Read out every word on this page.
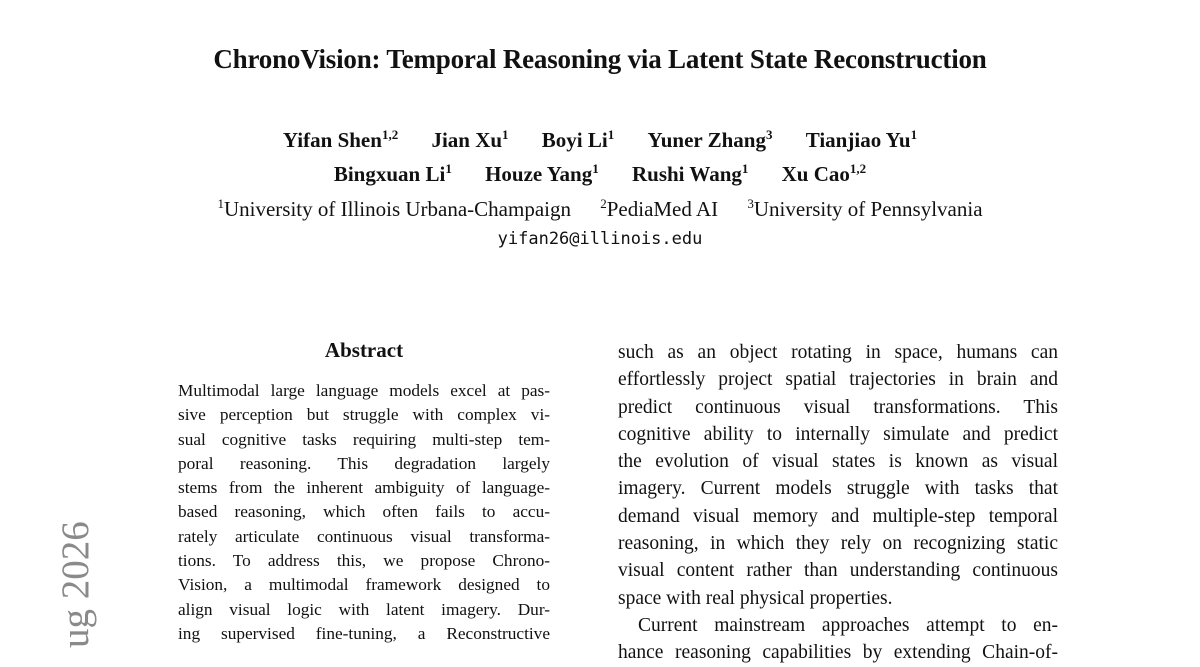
ChronoVision: Temporal Reasoning via Latent State Reconstruction
Yifan Shen$^{1,2}$ Jian Xu$^1$ Boyi Li$^1$ Yuner Zhang$^3$ Tianjiao Yu$^1$
Bingxuan Li$^1$ Houze Yang$^1$ Rushi Wang$^1$ Xu Cao$^{1,2}$
$^1$University of Illinois Urbana-Champaign $^2$PediaMed AI $^3$University of Pennsylvania
yifan26@illinois.edu
Abstract
Multimodal large language models excel at pas-
sive perception but struggle with complex vi-
sual cognitive tasks requiring multi-step tem-
poral reasoning. This degradation largely
stems from the inherent ambiguity of language-
based reasoning, which often fails to accu-
rately articulate continuous visual transforma-
tions. To address this, we propose Chrono-
Vision, a multimodal framework designed to
align visual logic with latent imagery. Dur-
ing supervised fine-tuning, a Reconstructive
such as an object rotating in space, humans can
effortlessly project spatial trajectories in brain and
predict continuous visual transformations. This
cognitive ability to internally simulate and predict
the evolution of visual states is known as visual
imagery. Current models struggle with tasks that
demand visual memory and multiple-step temporal
reasoning, in which they rely on recognizing static
visual content rather than understanding continuous
space with real physical properties.
Current mainstream approaches attempt to en-
hance reasoning capabilities by extending Chain-of-
ug 2026
